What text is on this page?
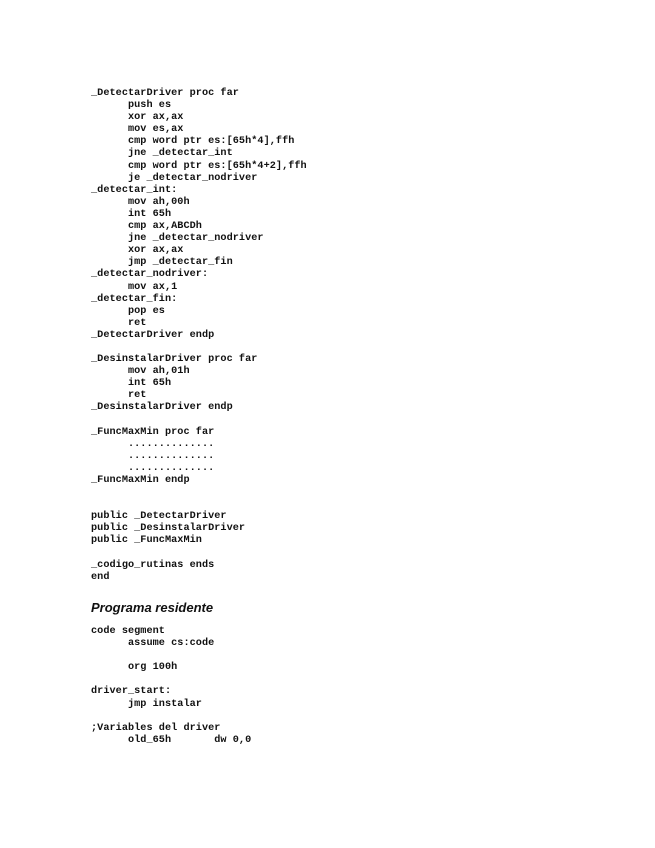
_DetectarDriver proc far
push es
xor ax,ax
mov es,ax
cmp word ptr es:[65h*4],ffh
jne _detectar_int
cmp word ptr es:[65h*4+2],ffh
je _detectar_nodriver
_detectar_int:
mov ah,00h
int 65h
cmp ax,ABCDh
jne _detectar_nodriver
xor ax,ax
jmp _detectar_fin
_detectar_nodriver:
mov ax,1
_detectar_fin:
pop es
ret
_DetectarDriver endp

_DesinstalarDriver proc far
mov ah,01h
int 65h
ret
_DesinstalarDriver endp

_FuncMaxMin proc far
..............
..............
..............
_FuncMaxMin endp

public _DetectarDriver
public _DesinstalarDriver
public _FuncMaxMin

_codigo_rutinas ends
end
Programa residente
code segment
assume cs:code

org 100h

driver_start:
jmp instalar

;Variables del driver
old_65h       dw 0,0
